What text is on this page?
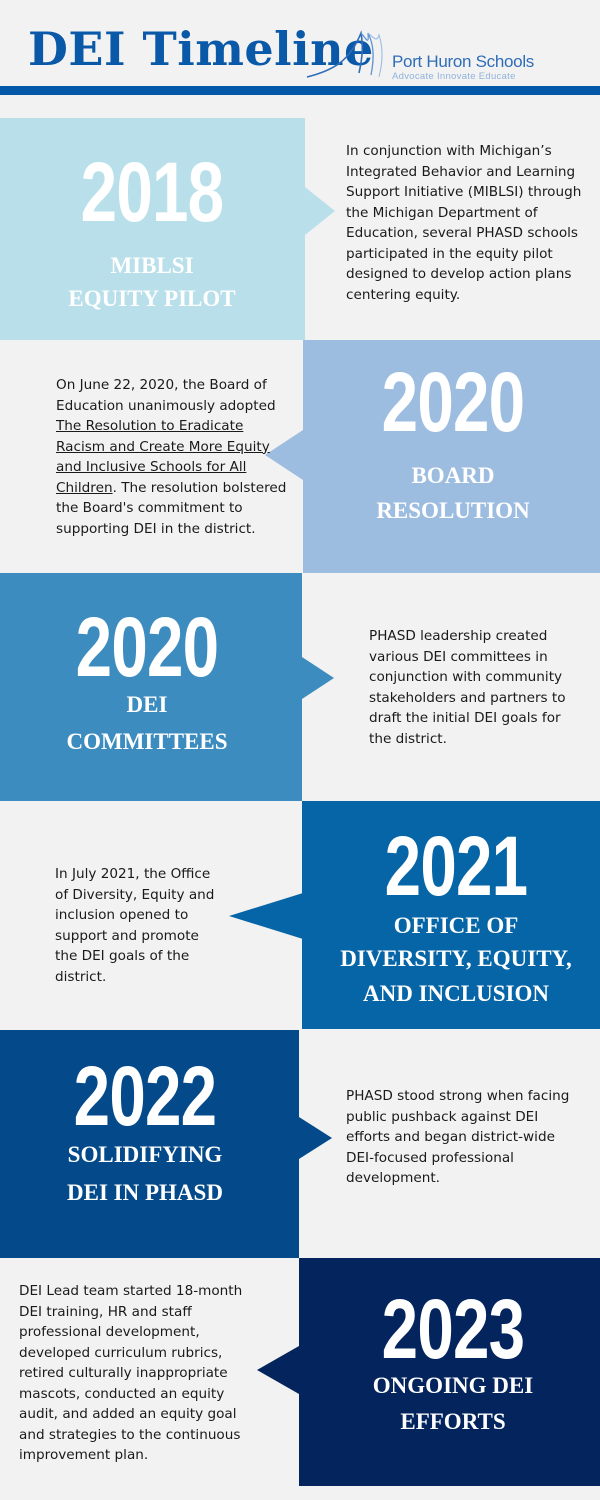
DEI Timeline Port Huron Schools
Advocate Innovate Educate
2018
MIBLSI
EQUITY PILOT
In conjunction with Michigan’s Integrated Behavior and Learning Support Initiative (MIBLSI) through the Michigan Department of Education, several PHASD schools participated in the equity pilot designed to develop action plans centering equity.
2020
BOARD
RESOLUTION
On June 22, 2020, the Board of Education unanimously adopted The Resolution to Eradicate Racism and Create More Equity and Inclusive Schools for All Children. The resolution bolstered the Board's commitment to supporting DEI in the district.
2020
DEI
COMMITTEES
PHASD leadership created various DEI committees in conjunction with community stakeholders and partners to draft the initial DEI goals for the district.
2021
OFFICE OF
DIVERSITY, EQUITY,
AND INCLUSION
In July 2021, the Office of Diversity, Equity and inclusion opened to support and promote the DEI goals of the district.
2022
SOLIDIFYING
DEI IN PHASD
PHASD stood strong when facing public pushback against DEI efforts and began district-wide DEI-focused professional development.
2023
ONGOING DEI
EFFORTS
DEI Lead team started 18-month DEI training, HR and staff professional development, developed curriculum rubrics, retired culturally inappropriate mascots, conducted an equity audit, and added an equity goal and strategies to the continuous improvement plan.
